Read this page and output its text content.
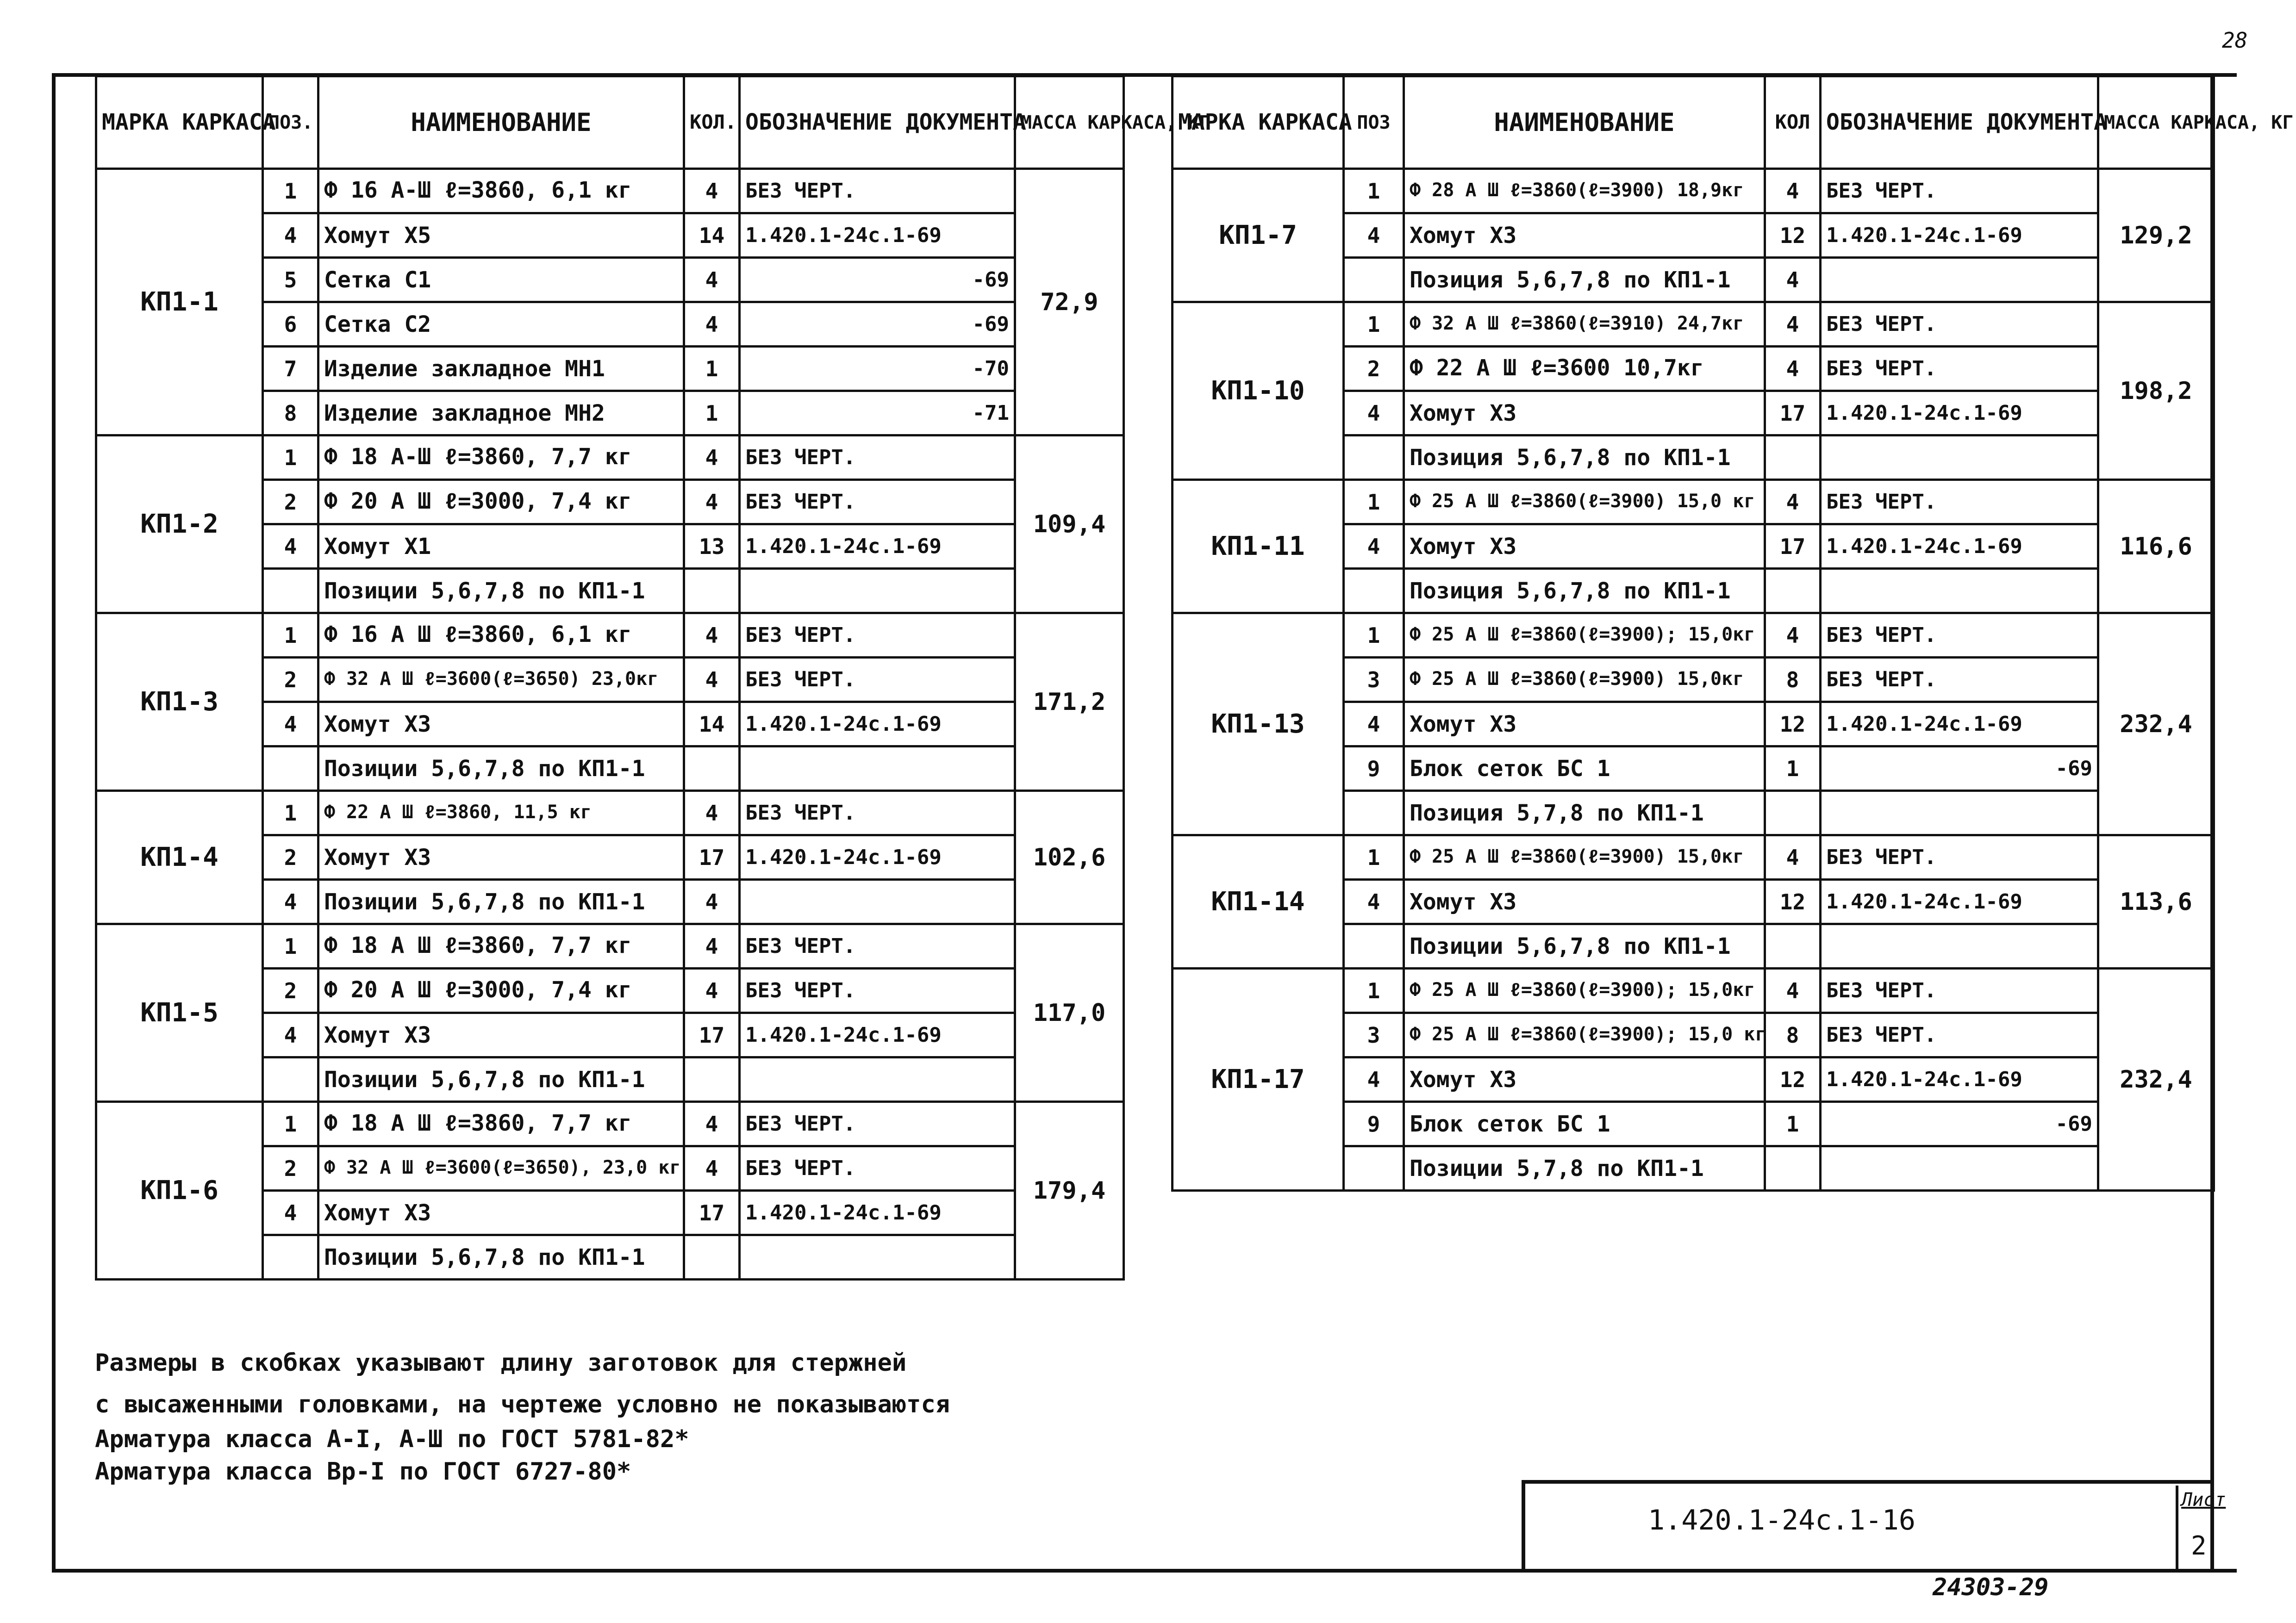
28
МАРКА КАРКАСА	ПОЗ.	НАИМЕНОВАНИЕ	КОЛ.	ОБОЗНАЧЕНИЕ ДОКУМЕНТА	МАССА КАРКАСА, КГ
КП1-1	1	Ф 16 А-Ш ℓ=3860, 6,1 кг	4	БЕЗ ЧЕРТ.	72,9
	4	Хомут Х5	14	1.420.1-24с.1-69	
	5	Сетка С1	4	-69	
	6	Сетка С2	4	-69	
	7	Изделие закладное МН1	1	-70	
	8	Изделие закладное МН2	1	-71	
КП1-2	1	Ф 18 А-Ш ℓ=3860, 7,7 кг	4	БЕЗ ЧЕРТ.	109,4
	2	Ф 20 А Ш ℓ=3000, 7,4 кг	4	БЕЗ ЧЕРТ.	
	4	Хомут Х1	13	1.420.1-24с.1-69	
		Позиции 5,6,7,8 по КП1-1			
КП1-3	1	Ф 16 А Ш ℓ=3860, 6,1 кг	4	БЕЗ ЧЕРТ.	171,2
	2	Ф 32 А Ш ℓ=3600(ℓ=3650) 23,0кг	4	БЕЗ ЧЕРТ.	
	4	Хомут Х3	14	1.420.1-24с.1-69	
		Позиции 5,6,7,8 по КП1-1			
КП1-4	1	Ф 22 А Ш ℓ=3860, 11,5 кг	4	БЕЗ ЧЕРТ.	102,6
	2	Хомут Х3	17	1.420.1-24с.1-69	
	4	Позиции 5,6,7,8 по КП1-1	4		
КП1-5	1	Ф 18 А Ш ℓ=3860, 7,7 кг	4	БЕЗ ЧЕРТ.	117,0
	2	Ф 20 А Ш ℓ=3000, 7,4 кг	4	БЕЗ ЧЕРТ.	
	4	Хомут Х3	17	1.420.1-24с.1-69	
		Позиции 5,6,7,8 по КП1-1			
КП1-6	1	Ф 18 А Ш ℓ=3860, 7,7 кг	4	БЕЗ ЧЕРТ.	179,4
	2	Ф 32 А Ш ℓ=3600(ℓ=3650), 23,0 кг	4	БЕЗ ЧЕРТ.	
	4	Хомут Х3	17	1.420.1-24с.1-69	
		Позиции 5,6,7,8 по КП1-1			
МАРКА КАРКАСА	ПОЗ	НАИМЕНОВАНИЕ	КОЛ	ОБОЗНАЧЕНИЕ ДОКУМЕНТА	МАССА КАРКАСА, КГ
КП1-7	1	Ф 28 А Ш ℓ=3860(ℓ=3900) 18,9кг	4	БЕЗ ЧЕРТ.	129,2
	4	Хомут Х3	12	1.420.1-24с.1-69	
		Позиция 5,6,7,8 по КП1-1	4		
КП1-10	1	Ф 32 А Ш ℓ=3860(ℓ=3910) 24,7кг	4	БЕЗ ЧЕРТ.	198,2
	2	Ф 22 А Ш ℓ=3600 10,7кг	4	БЕЗ ЧЕРТ.	
	4	Хомут Х3	17	1.420.1-24с.1-69	
		Позиция 5,6,7,8 по КП1-1			
КП1-11	1	Ф 25 А Ш ℓ=3860(ℓ=3900) 15,0 кг	4	БЕЗ ЧЕРТ.	116,6
	4	Хомут Х3	17	1.420.1-24с.1-69	
		Позиция 5,6,7,8 по КП1-1			
КП1-13	1	Ф 25 А Ш ℓ=3860(ℓ=3900); 15,0кг	4	БЕЗ ЧЕРТ.	232,4
	3	Ф 25 А Ш ℓ=3860(ℓ=3900) 15,0кг	8	БЕЗ ЧЕРТ.	
	4	Хомут Х3	12	1.420.1-24с.1-69	
	9	Блок сеток БС 1	1	-69	
		Позиция 5,7,8 по КП1-1			
КП1-14	1	Ф 25 А Ш ℓ=3860(ℓ=3900) 15,0кг	4	БЕЗ ЧЕРТ.	113,6
	4	Хомут Х3	12	1.420.1-24с.1-69	
		Позиции 5,6,7,8 по КП1-1			
КП1-17	1	Ф 25 А Ш ℓ=3860(ℓ=3900); 15,0кг	4	БЕЗ ЧЕРТ.	232,4
	3	Ф 25 А Ш ℓ=3860(ℓ=3900); 15,0 кг	8	БЕЗ ЧЕРТ.	
	4	Хомут Х3	12	1.420.1-24с.1-69	
	9	Блок сеток БС 1	1	-69	
		Позиции 5,7,8 по КП1-1			
Размеры в скобках указывают длину заготовок для стержней
с высаженными головками, на чертеже условно не показываются
Арматура класса А-I, А-Ш по ГОСТ 5781-82*
Арматура класса Вр-I по ГОСТ 6727-80*
1.420.1-24с.1-16
Лист
2
24303-29
